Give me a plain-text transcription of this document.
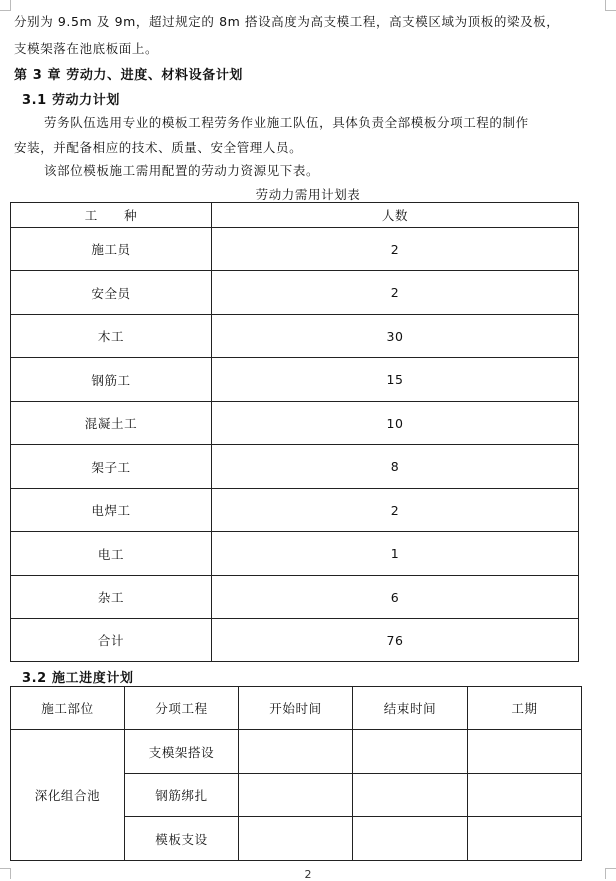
分别为 9.5m 及 9m，超过规定的 8m 搭设高度为高支模工程，高支模区域为顶板的梁及板，
支模架落在池底板面上。
第 3 章 劳动力、进度、材料设备计划
3.1 劳动力计划
劳务队伍选用专业的模板工程劳务作业施工队伍，具体负责全部模板分项工程的制作
安装，并配备相应的技术、质量、安全管理人员。
该部位模板施工需用配置的劳动力资源见下表。
劳动力需用计划表
工　　种	人数
施工员	2
安全员	2
木工	30
钢筋工	15
混凝土工	10
架子工	8
电焊工	2
电工	1
杂工	6
合计	76
3.2 施工进度计划
施工部位	分项工程	开始时间	结束时间	工期
深化组合池	支模架搭设			
	钢筋绑扎			
	模板支设			
2
